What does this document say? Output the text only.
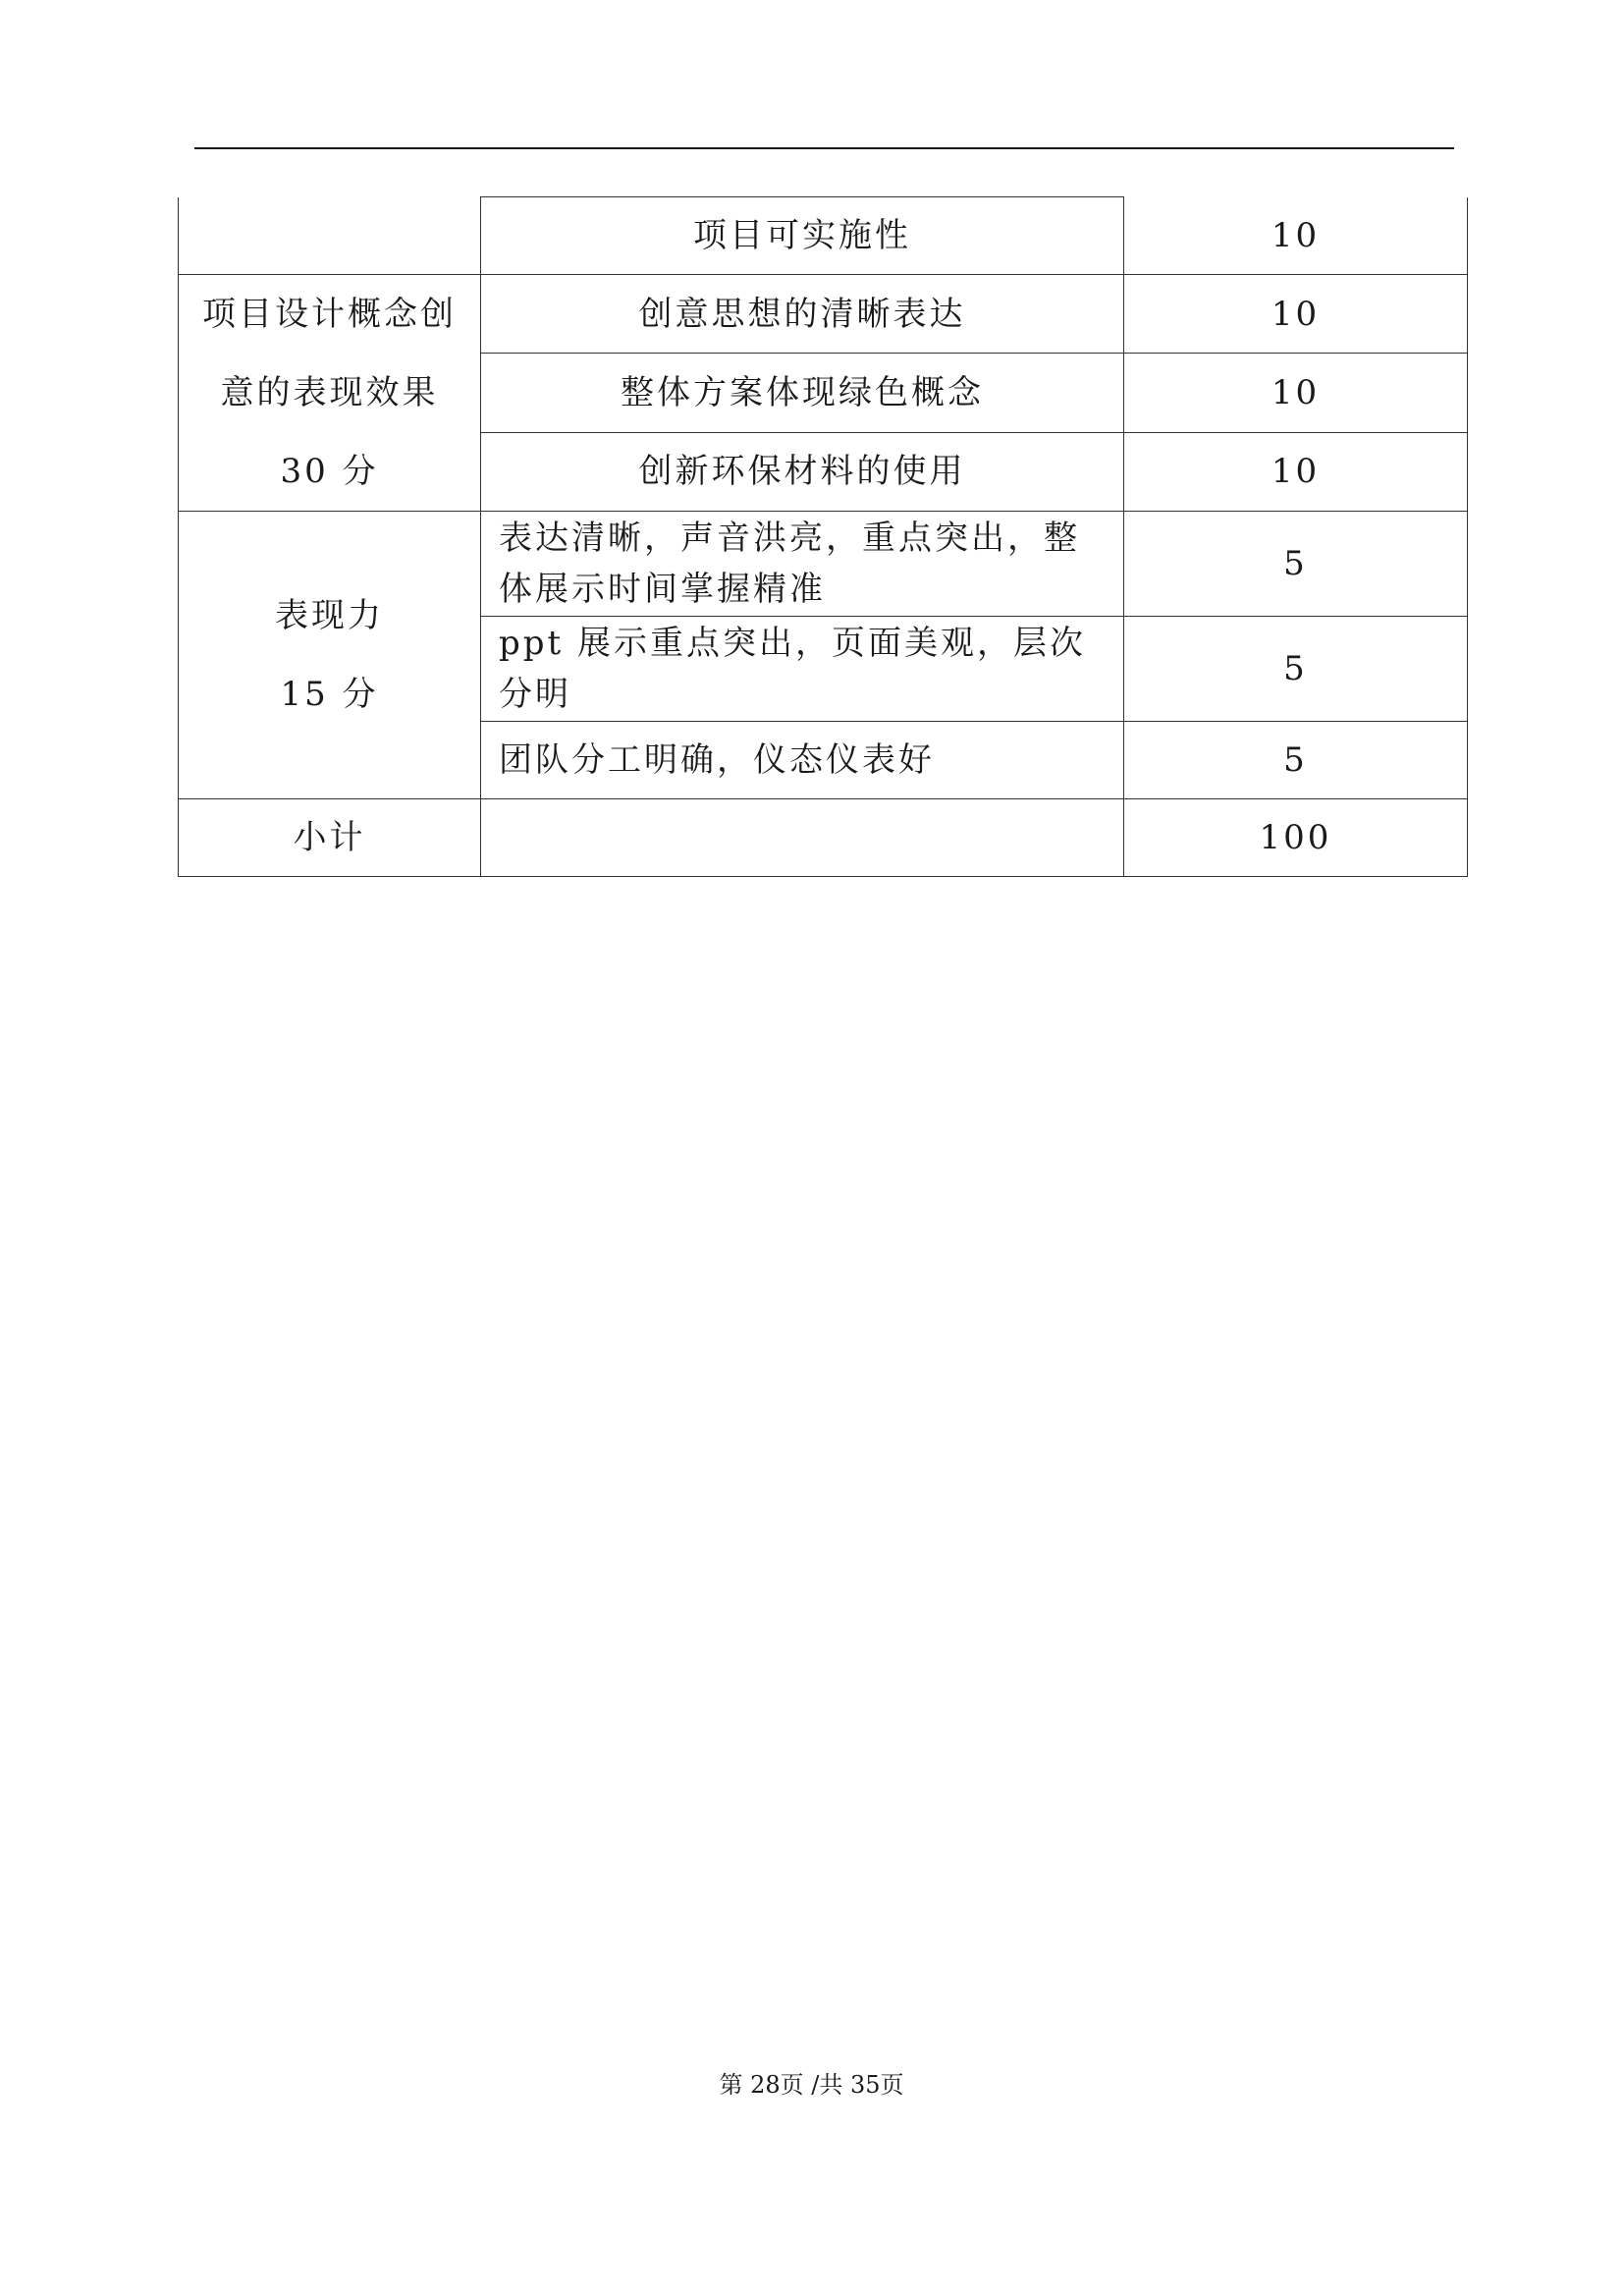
	项目可实施性	10

项目设计概念创
意的表现效果
30 分	创意思想的清晰表达	10
	整体方案体现绿色概念	10
	创新环保材料的使用	10

表现力
15 分	表达清晰，声音洪亮，重点突出，整体展示时间掌握精准	5
	ppt 展示重点突出，页面美观，层次分明	5
	团队分工明确，仪态仪表好	5
小计		100
第 28页 /共 35页
